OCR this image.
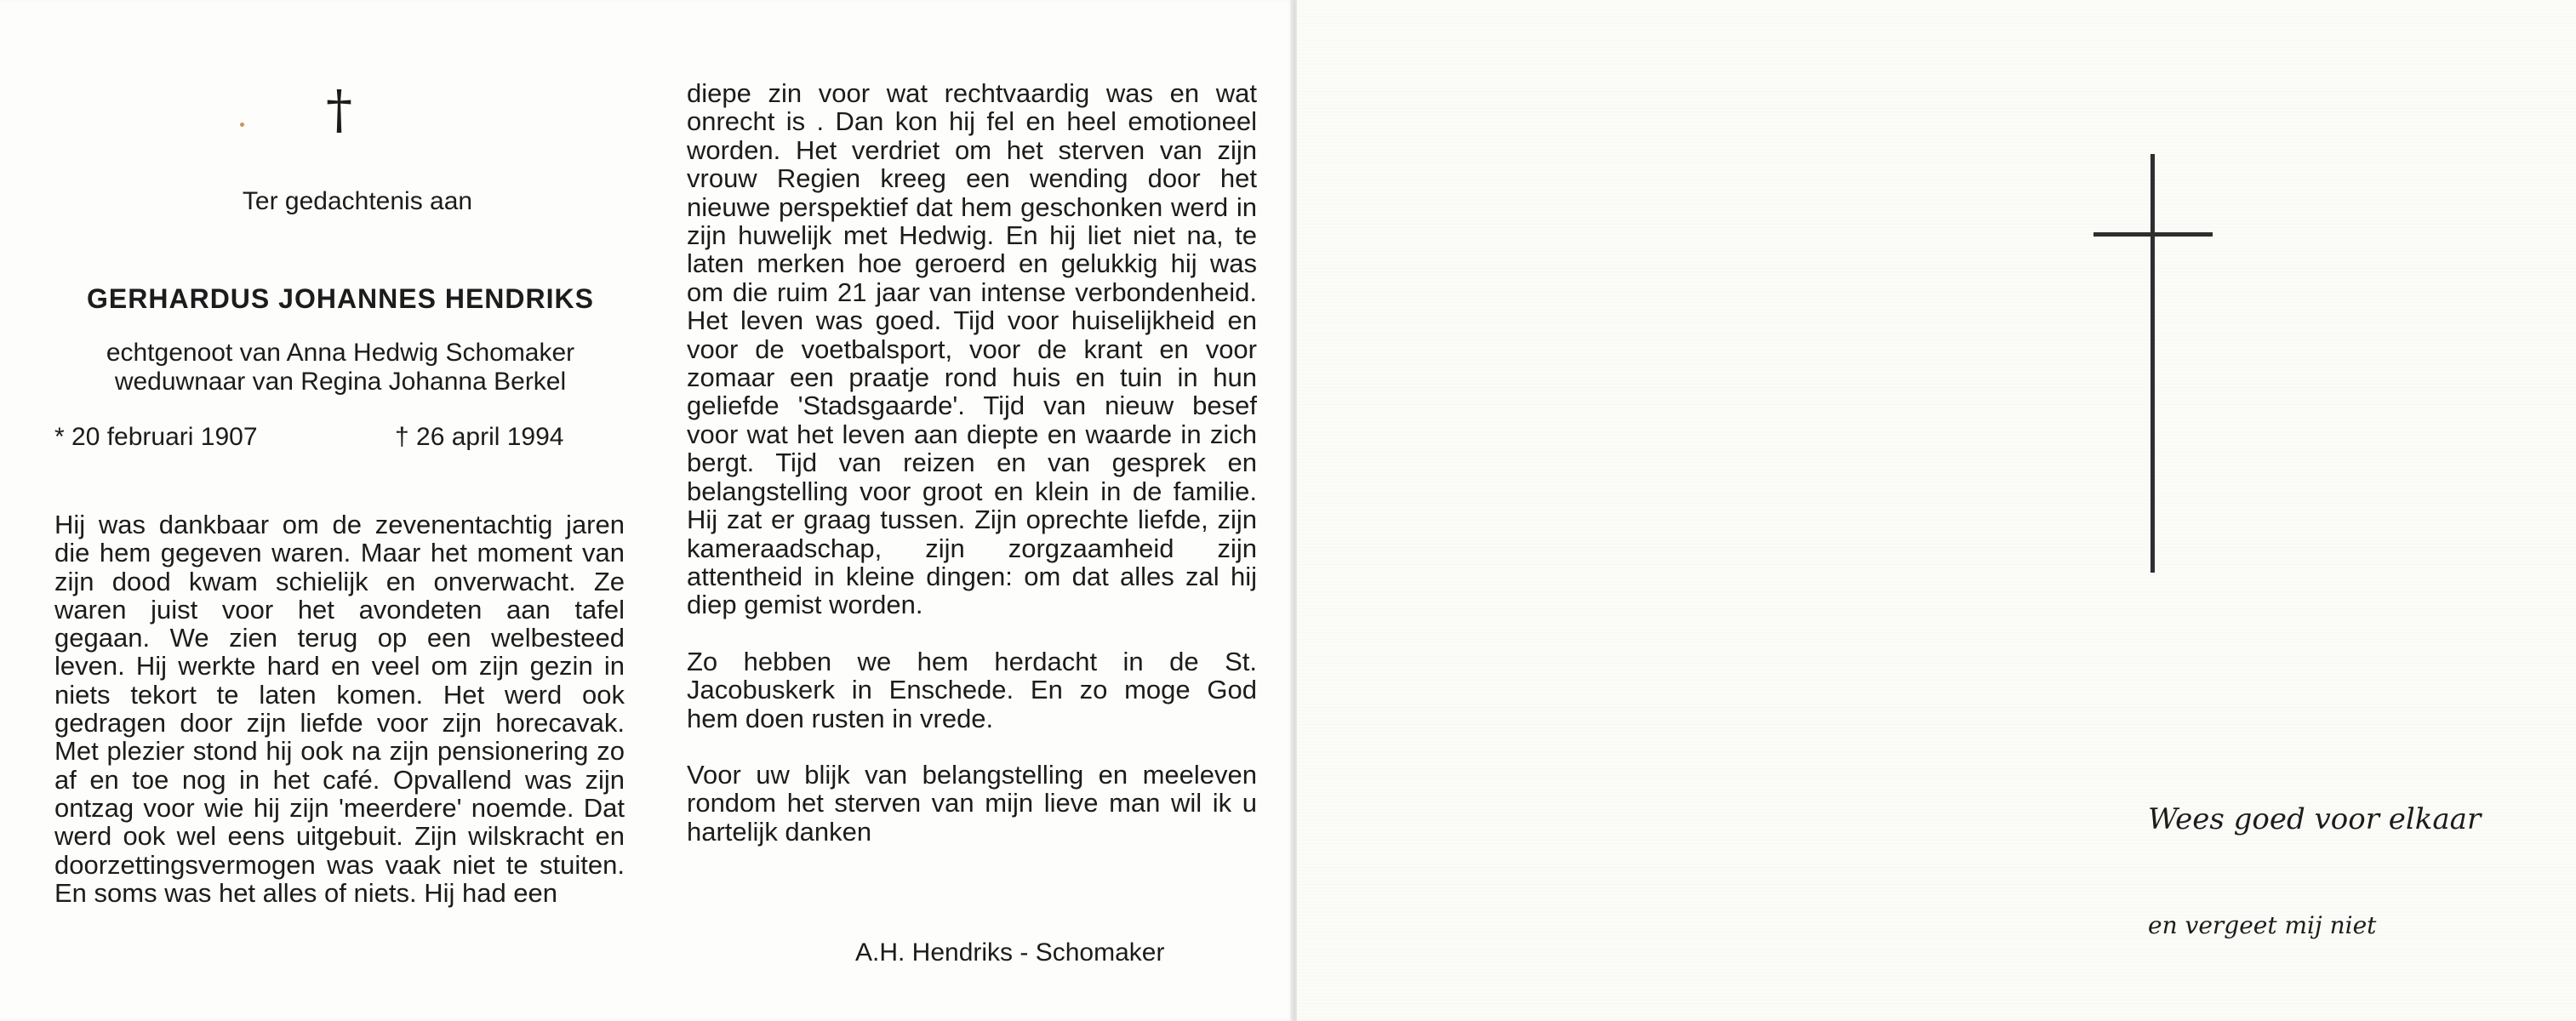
†
Ter gedachtenis aan
GERHARDUS JOHANNES HENDRIKS
echtgenoot van Anna Hedwig Schomaker
weduwnaar van Regina Johanna Berkel
* 20 februari 1907	† 26 april 1994
Hij was dankbaar om de zevenentachtig jaren die hem gegeven waren. Maar het moment van zijn dood kwam schielijk en onverwacht. Ze waren juist voor het avondeten aan tafel gegaan. We zien terug op een welbesteed leven. Hij werkte hard en veel om zijn gezin in niets tekort te laten komen. Het werd ook gedragen door zijn liefde voor zijn horecavak. Met plezier stond hij ook na zijn pensionering zo af en toe nog in het café. Opvallend was zijn ontzag voor wie hij zijn 'meerdere' noemde. Dat werd ook wel eens uitgebuit. Zijn wilskracht en doorzettingsvermogen was vaak niet te stuiten. En soms was het alles of niets. Hij had een
diepe zin voor wat rechtvaardig was en wat onrecht is . Dan kon hij fel en heel emotioneel worden. Het verdriet om het sterven van zijn vrouw Regien kreeg een wending door het nieuwe perspektief dat hem geschonken werd in zijn huwelijk met Hedwig. En hij liet niet na, te laten merken hoe geroerd en gelukkig hij was om die ruim 21 jaar van intense verbondenheid. Het leven was goed. Tijd voor huiselijkheid en voor de voetbalsport, voor de krant en voor zomaar een praatje rond huis en tuin in hun geliefde 'Stadsgaarde'. Tijd van nieuw besef voor wat het leven aan diepte en waarde in zich bergt. Tijd van reizen en van gesprek en belangstelling voor groot en klein in de familie. Hij zat er graag tussen. Zijn oprechte liefde, zijn kameraadschap, zijn zorgzaamheid zijn attentheid in kleine dingen: om dat alles zal hij diep gemist worden.
Zo hebben we hem herdacht in de St. Jacobuskerk in Enschede. En zo moge God hem doen rusten in vrede.
Voor uw blijk van belangstelling en meeleven rondom het sterven van mijn lieve man wil ik u hartelijk danken
A.H. Hendriks - Schomaker
Wees goed voor elkaar
en vergeet mij niet
